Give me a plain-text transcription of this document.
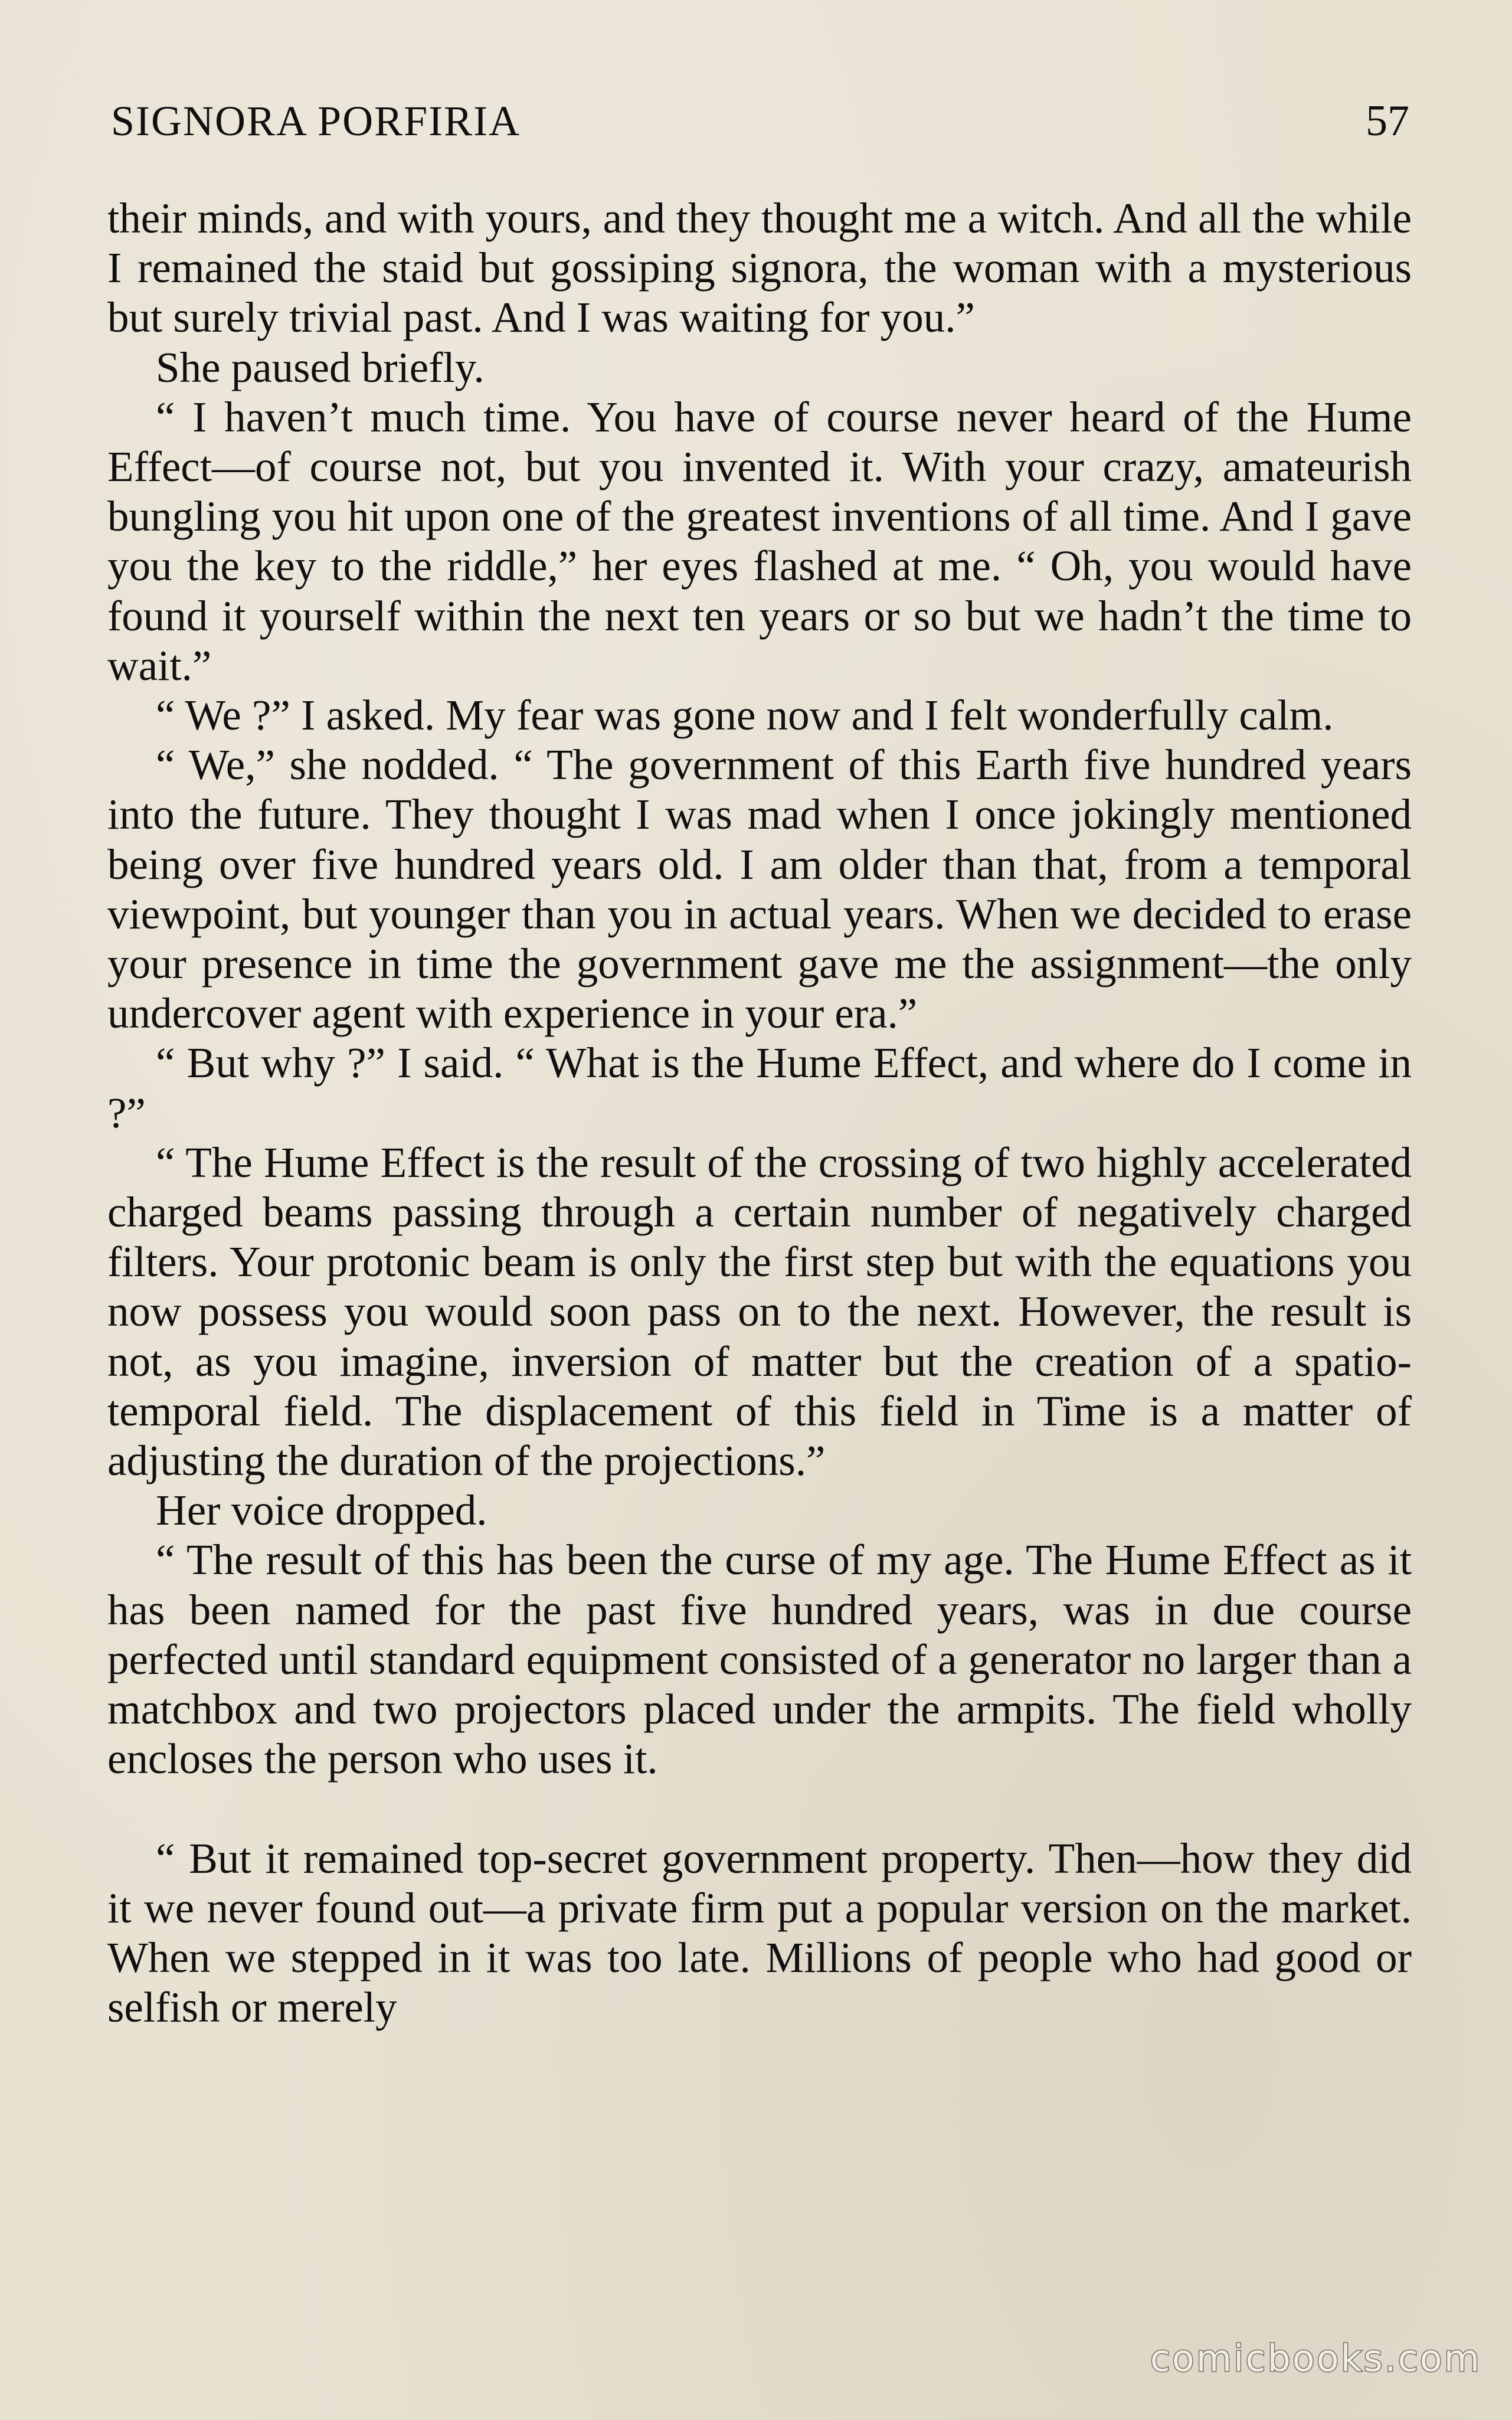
SIGNORA PORFIRIA	57

their minds, and with yours, and they thought me a witch. And all the while I remained the staid but gossiping signora, the woman with a mysterious but surely trivial past. And I was waiting for you.”

She paused briefly.

“ I haven’t much time. You have of course never heard of the Hume Effect—of course not, but you invented it. With your crazy, amateurish bungling you hit upon one of the greatest inventions of all time. And I gave you the key to the riddle,” her eyes flashed at me. “ Oh, you would have found it yourself within the next ten years or so but we hadn’t the time to wait.”

“ We ?” I asked. My fear was gone now and I felt wonderfully calm.

“ We,” she nodded. “ The government of this Earth five hundred years into the future. They thought I was mad when I once jokingly mentioned being over five hundred years old. I am older than that, from a temporal viewpoint, but younger than you in actual years. When we decided to erase your presence in time the government gave me the assignment—the only undercover agent with experience in your era.”

“ But why ?” I said. “ What is the Hume Effect, and where do I come in ?”

“ The Hume Effect is the result of the crossing of two highly accelerated charged beams passing through a certain number of negatively charged filters. Your protonic beam is only the first step but with the equations you now possess you would soon pass on to the next. However, the result is not, as you imagine, inversion of matter but the creation of a spatio-temporal field. The displacement of this field in Time is a matter of adjusting the duration of the projections.”

Her voice dropped.

“ The result of this has been the curse of my age. The Hume Effect as it has been named for the past five hundred years, was in due course perfected until standard equipment consisted of a generator no larger than a matchbox and two projectors placed under the armpits. The field wholly encloses the person who uses it.

“ But it remained top-secret government property. Then—how they did it we never found out—a private firm put a popular version on the market. When we stepped in it was too late. Millions of people who had good or selfish or merely

comicbooks.com
